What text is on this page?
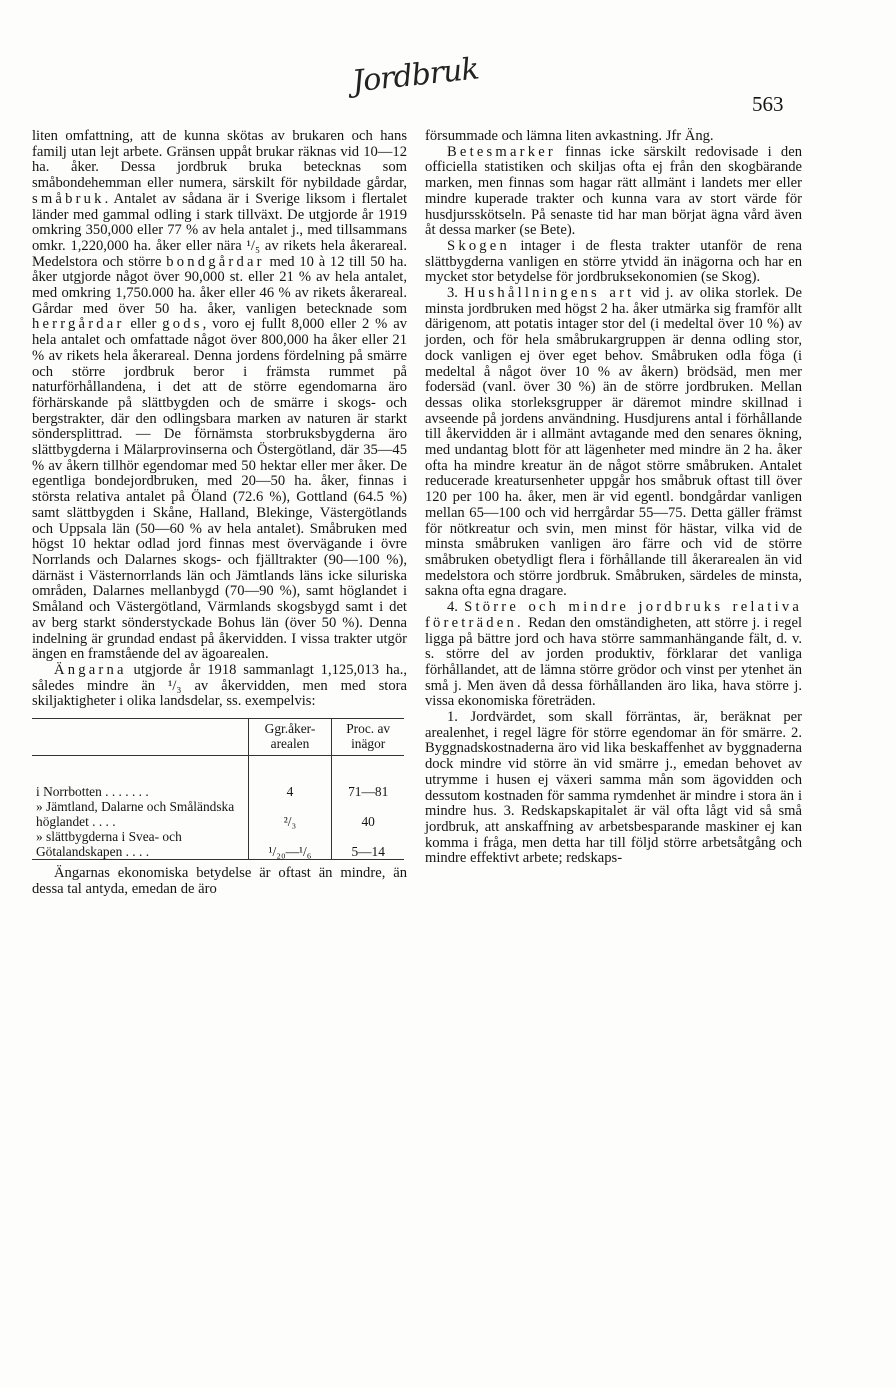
Jordbruk
563

liten omfattning, att de kunna skötas av brukaren och hans familj utan lejt arbete. Gränsen uppåt brukar räknas vid 10—12 ha. åker. Dessa jordbruk bruka betecknas som småbondehemman eller numera, särskilt för nybildade gårdar, småbruk. Antalet av sådana är i Sverige liksom i flertalet länder med gammal odling i stark tillväxt. De utgjorde år 1919 omkring 350,000 eller 77 % av hela antalet j., med tillsammans omkr. 1,220,000 ha. åker eller nära ¹/₅ av rikets hela åkerareal. Medelstora och större bondgårdar med 10 à 12 till 50 ha. åker utgjorde något över 90,000 st. eller 21 % av hela antalet, med omkring 1,750.000 ha. åker eller 46 % av rikets åkerareal. Gårdar med över 50 ha. åker, vanligen betecknade som herrgårdar eller gods, voro ej fullt 8,000 eller 2 % av hela antalet och omfattade något över 800,000 ha åker eller 21 % av rikets hela åkerareal. Denna jordens fördelning på smärre och större jordbruk beror i främsta rummet på naturförhållandena, i det att de större egendomarna äro förhärskande på slättbygden och de smärre i skogs- och bergstrakter, där den odlingsbara marken av naturen är starkt söndersplittrad. — De förnämsta storbruksbygderna äro slättbygderna i Mälarprovinserna och Östergötland, där 35—45 % av åkern tillhör egendomar med 50 hektar eller mer åker. De egentliga bondejordbruken, med 20—50 ha. åker, finnas i största relativa antalet på Öland (72.6 %), Gottland (64.5 %) samt slättbygden i Skåne, Halland, Blekinge, Västergötlands och Uppsala län (50—60 % av hela antalet). Småbruken med högst 10 hektar odlad jord finnas mest övervägande i övre Norrlands och Dalarnes skogs- och fjälltrakter (90—100 %), därnäst i Västernorrlands län och Jämtlands läns icke siluriska områden, Dalarnes mellanbygd (70—90 %), samt höglandet i Småland och Västergötland, Värmlands skogsbygd samt i det av berg starkt sönderstyckade Bohus län (över 50 %). Denna indelning är grundad endast på åkervidden. I vissa trakter utgör ängen en framstående del av ägoarealen.

Ängarna utgjorde år 1918 sammanlagt 1,125,013 ha., således mindre än ¹/₃ av åkervidden, men med stora skiljaktigheter i olika landsdelar, ss. exempelvis:

	Ggr.åker-arealen	Proc. av inägor

i Norrbotten . . . . . . .	4	71—81
» Jämtland, Dalarne och Småländska höglandet . . . .	²/₃	40
» slättbygderna i Svea- och Götalandskapen . . . .	¹/₂₀—¹/₆	5—14

Ängarnas ekonomiska betydelse är oftast än mindre, än dessa tal antyda, emedan de äro

försummade och lämna liten avkastning. Jfr Äng.

Betesmarker finnas icke särskilt redovisade i den officiella statistiken och skiljas ofta ej från den skogbärande marken, men finnas som hagar rätt allmänt i landets mer eller mindre kuperade trakter och kunna vara av stort värde för husdjursskötseln. På senaste tid har man börjat ägna vård även åt dessa marker (se Bete).

Skogen intager i de flesta trakter utanför de rena slättbygderna vanligen en större ytvidd än inägorna och har en mycket stor betydelse för jordbruksekonomien (se Skog).

3. Hushållningens art vid j. av olika storlek. De minsta jordbruken med högst 2 ha. åker utmärka sig framför allt därigenom, att potatis intager stor del (i medeltal över 10 %) av jorden, och för hela småbrukargruppen är denna odling stor, dock vanligen ej över eget behov. Småbruken odla föga (i medeltal å något över 10 % av åkern) brödsäd, men mer fodersäd (vanl. över 30 %) än de större jordbruken. Mellan dessas olika storleksgrupper är däremot mindre skillnad i avseende på jordens användning. Husdjurens antal i förhållande till åkervidden är i allmänt avtagande med den senares ökning, med undantag blott för att lägenheter med mindre än 2 ha. åker ofta ha mindre kreatur än de något större småbruken. Antalet reducerade kreatursenheter uppgår hos småbruk oftast till över 120 per 100 ha. åker, men är vid egentl. bondgårdar vanligen mellan 65—100 och vid herrgårdar 55—75. Detta gäller främst för nötkreatur och svin, men minst för hästar, vilka vid de minsta småbruken vanligen äro färre och vid de större småbruken obetydligt flera i förhållande till åkerarealen än vid medelstora och större jordbruk. Småbruken, särdeles de minsta, sakna ofta egna dragare.

4. Större och mindre jordbruks relativa företräden. Redan den omständigheten, att större j. i regel ligga på bättre jord och hava större sammanhängande fält, d. v. s. större del av jorden produktiv, förklarar det vanliga förhållandet, att de lämna större grödor och vinst per ytenhet än små j. Men även då dessa förhållanden äro lika, hava större j. vissa ekonomiska företräden.

1. Jordvärdet, som skall förräntas, är, beräknat per arealenhet, i regel lägre för större egendomar än för smärre. 2. Byggnadskostnaderna äro vid lika beskaffenhet av byggnaderna dock mindre vid större än vid smärre j., emedan behovet av utrymme i husen ej växeri samma mån som ägovidden och dessutom kostnaden för samma rymdenhet är mindre i stora än i mindre hus. 3. Redskapskapitalet är väl ofta lågt vid så små jordbruk, att anskaffning av arbetsbesparande maskiner ej kan komma i fråga, men detta har till följd större arbetsåtgång och mindre effektivt arbete; redskaps-
